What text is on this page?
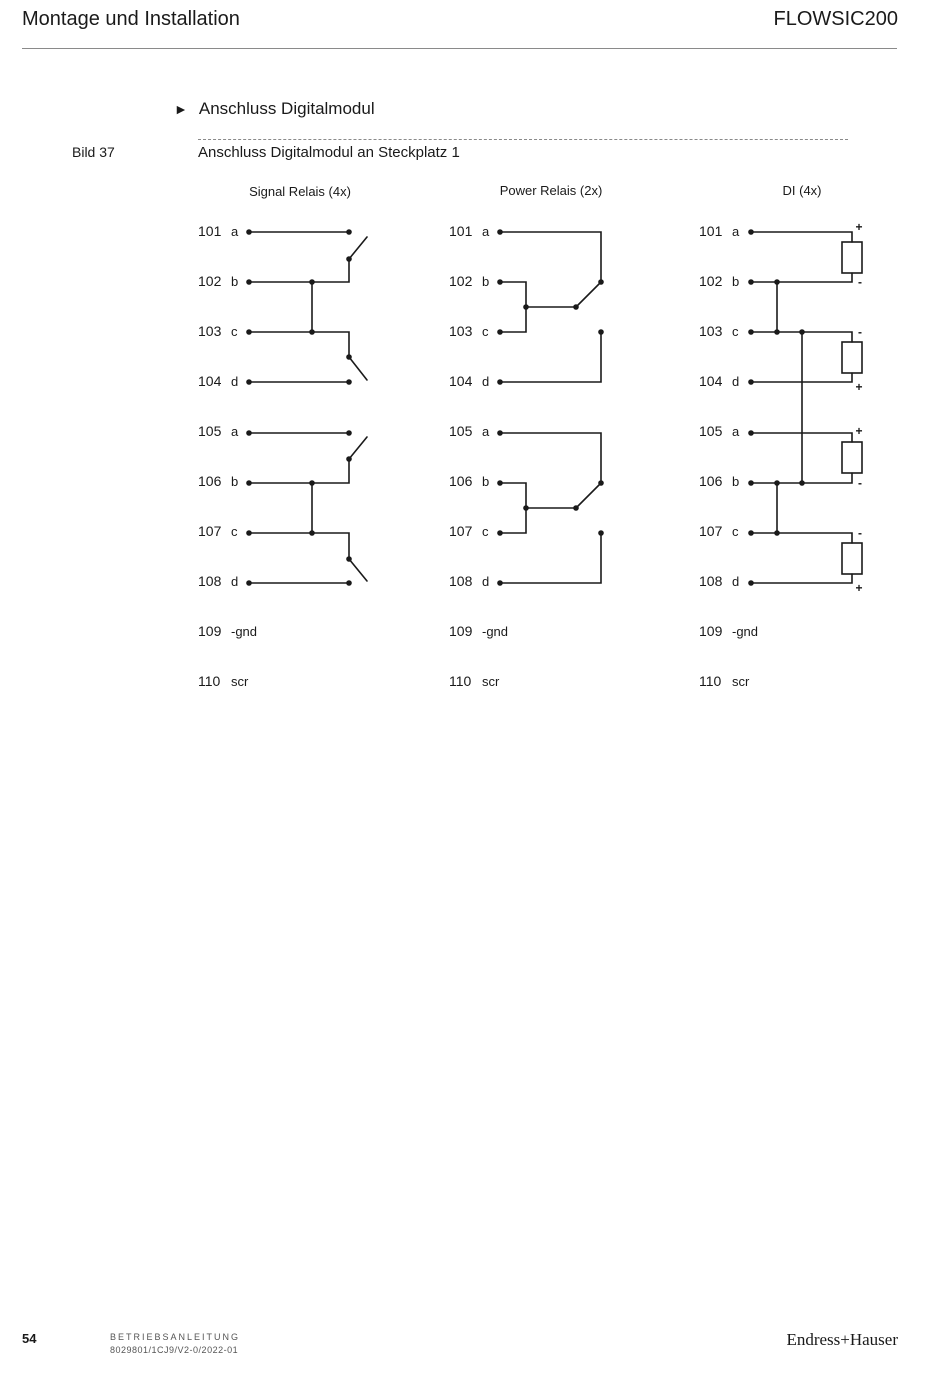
Montage und Installation	FLOWSIC200
► Anschluss Digitalmodul
Bild 37	Anschluss Digitalmodul an Steckplatz 1
Signal Relais (4x)	Power Relais (2x)	DI (4x)
101 a
102 b
103 c
104 d
105 a
106 b
107 c
108 d
109 -gnd
110 scr
101 a
102 b
103 c
104 d
105 a
106 b
107 c
108 d
109 -gnd
110 scr
101 a
102 b
103 c
104 d
105 a
106 b
107 c
108 d
109 -gnd
110 scr
+
-
-
+
+
-
-
+
54	BETRIEBSANLEITUNG
8029801/1CJ9/V2-0/2022-01
Endress+Hauser
